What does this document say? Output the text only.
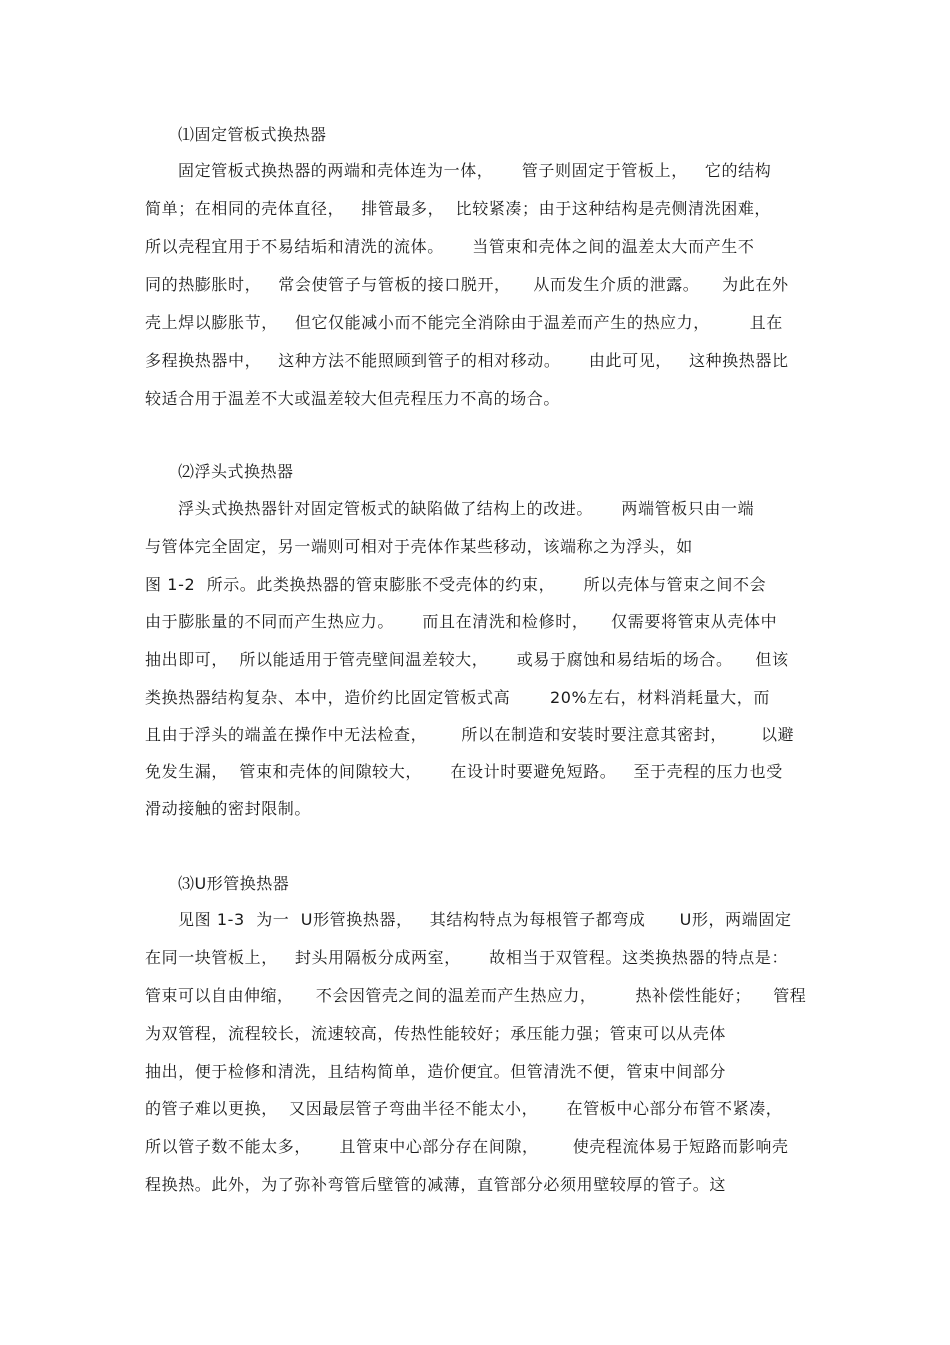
⑴固定管板式换热器
固定管板式换热器的两端和壳体连为一体，     管子则固定于管板上，   它的结构
简单；在相同的壳体直径，   排管最多，  比较紧凑；由于这种结构是壳侧清洗困难，
所以壳程宜用于不易结垢和清洗的流体。     当管束和壳体之间的温差太大而产生不
同的热膨胀时，   常会使管子与管板的接口脱开，    从而发生介质的泄露。    为此在外
壳上焊以膨胀节，   但它仅能减小而不能完全消除由于温差而产生的热应力，       且在
多程换热器中，   这种方法不能照顾到管子的相对移动。     由此可见，   这种换热器比
较适合用于温差不大或温差较大但壳程压力不高的场合。
⑵浮头式换热器
浮头式换热器针对固定管板式的缺陷做了结构上的改进。     两端管板只由一端
与管体完全固定，另一端则可相对于壳体作某些移动，该端称之为浮头，如
图 1-2  所示。此类换热器的管束膨胀不受壳体的约束，     所以壳体与管束之间不会
由于膨胀量的不同而产生热应力。     而且在清洗和检修时，    仅需要将管束从壳体中
抽出即可，  所以能适用于管壳壁间温差较大，     或易于腐蚀和易结垢的场合。    但该
类换热器结构复杂、本中，造价约比固定管板式高       20%左右，材料消耗量大，而
且由于浮头的端盖在操作中无法检查，      所以在制造和安装时要注意其密封，      以避
免发生漏，  管束和壳体的间隙较大，     在设计时要避免短路。   至于壳程的压力也受
滑动接触的密封限制。
⑶U形管换热器
见图 1-3  为一  U形管换热器，   其结构特点为每根管子都弯成      U形，两端固定
在同一块管板上，   封头用隔板分成两室，     故相当于双管程。这类换热器的特点是：
管束可以自由伸缩，    不会因管壳之间的温差而产生热应力，       热补偿性能好；    管程
为双管程，流程较长，流速较高，传热性能较好；承压能力强；管束可以从壳体
抽出，便于检修和清洗，且结构简单，造价便宜。但管清洗不便，管束中间部分
的管子难以更换，  又因最层管子弯曲半径不能太小，     在管板中心部分布管不紧凑，
所以管子数不能太多，     且管束中心部分存在间隙，      使壳程流体易于短路而影响壳
程换热。此外，为了弥补弯管后壁管的减薄，直管部分必须用壁较厚的管子。这
